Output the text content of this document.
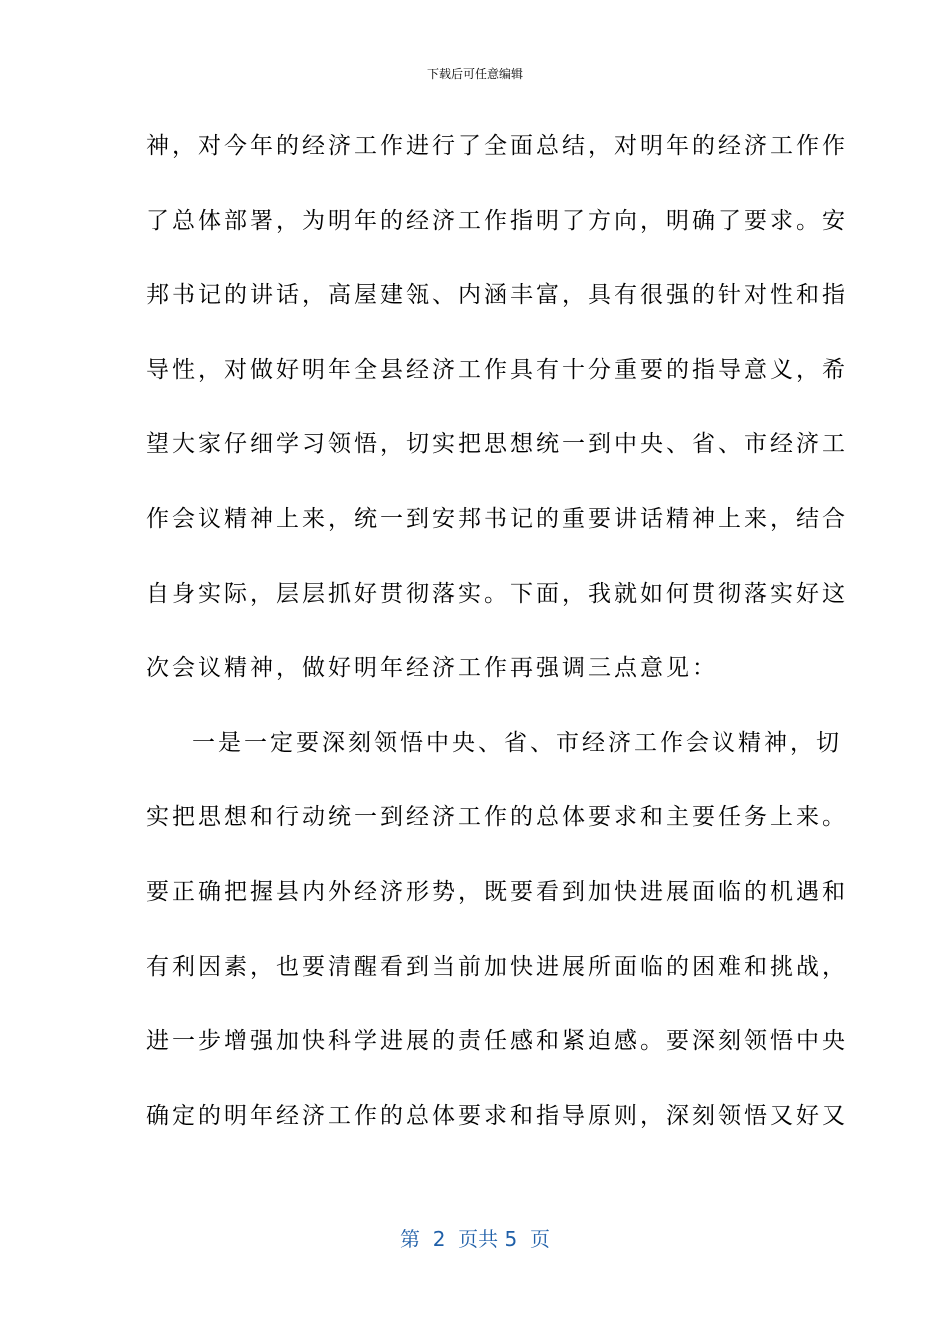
下载后可任意编辑
神，对今年的经济工作进行了全面总结，对明年的经济工作作
了总体部署，为明年的经济工作指明了方向，明确了要求。安
邦书记的讲话，高屋建瓴、内涵丰富，具有很强的针对性和指
导性，对做好明年全县经济工作具有十分重要的指导意义，希
望大家仔细学习领悟，切实把思想统一到中央、省、市经济工
作会议精神上来，统一到安邦书记的重要讲话精神上来，结合
自身实际，层层抓好贯彻落实。下面，我就如何贯彻落实好这
次会议精神，做好明年经济工作再强调三点意见：
一是一定要深刻领悟中央、省、市经济工作会议精神，切
实把思想和行动统一到经济工作的总体要求和主要任务上来。
要正确把握县内外经济形势，既要看到加快进展面临的机遇和
有利因素，也要清醒看到当前加快进展所面临的困难和挑战，
进一步增强加快科学进展的责任感和紧迫感。要深刻领悟中央
确定的明年经济工作的总体要求和指导原则，深刻领悟又好又
第  2  页共 5  页
